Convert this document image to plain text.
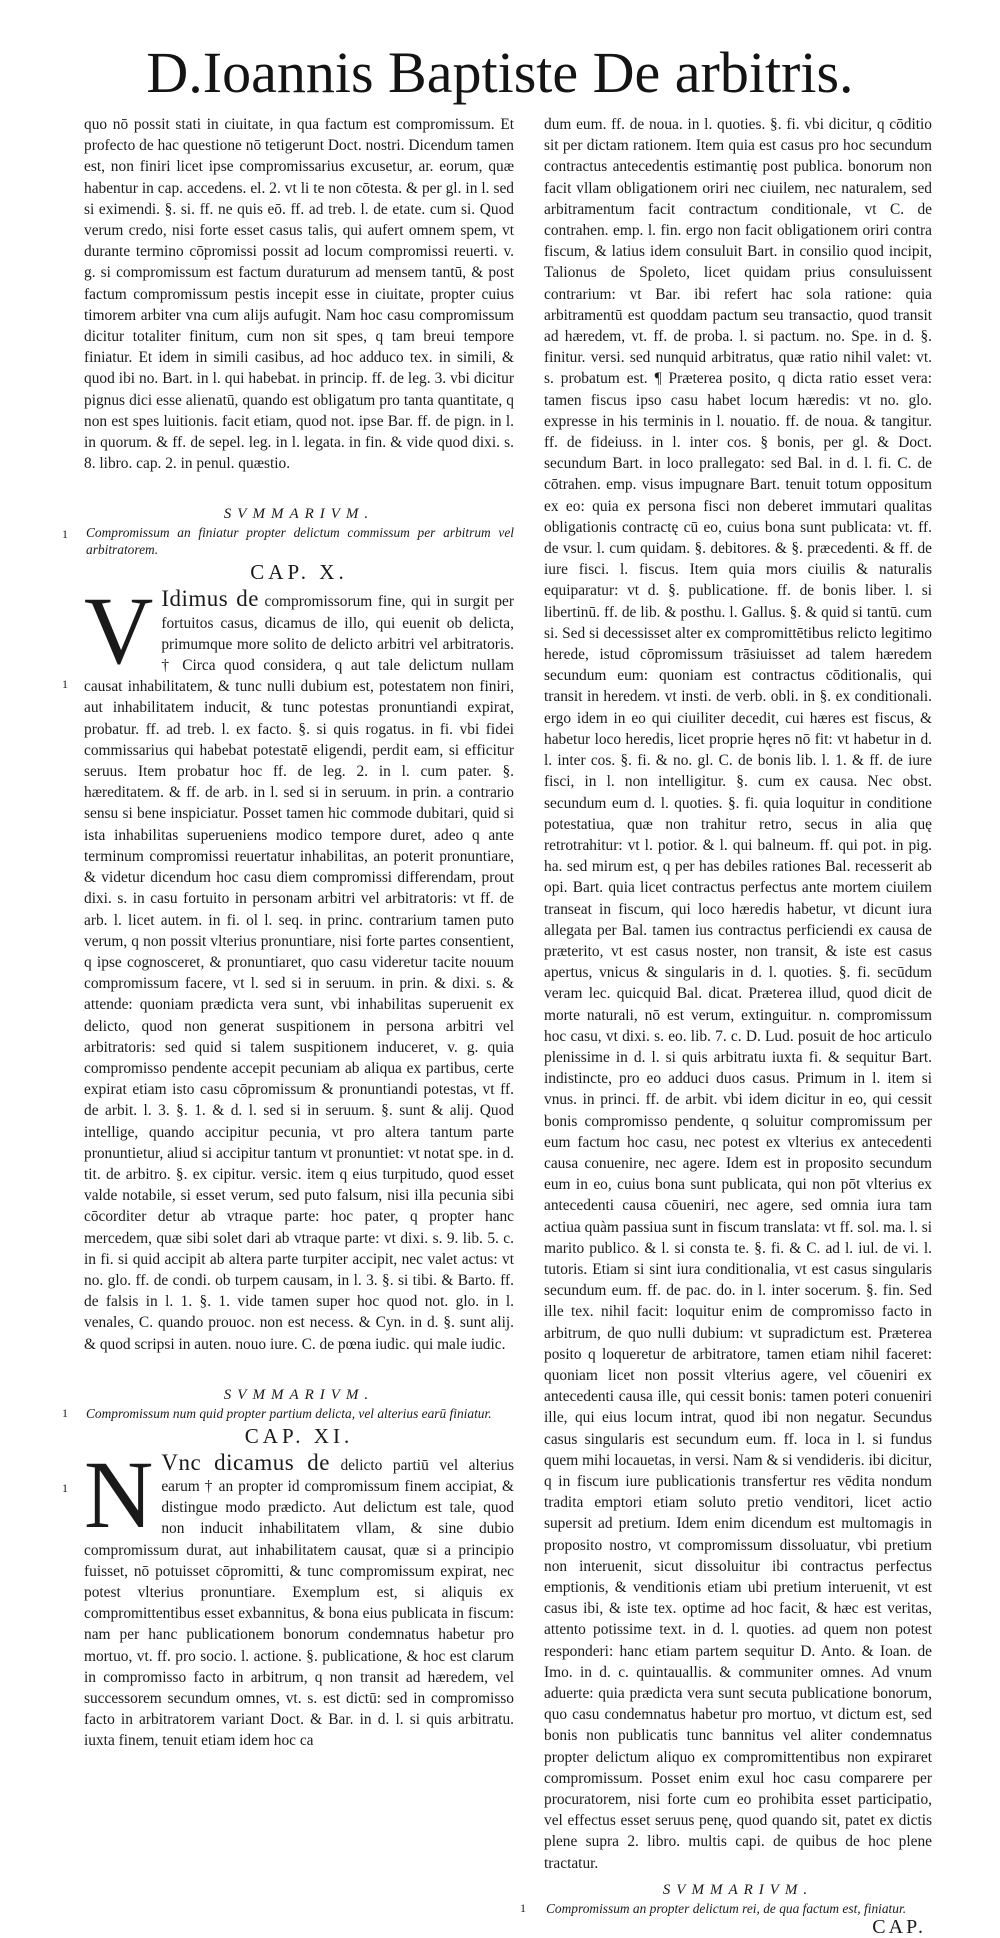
D.Ioannis Baptiste De arbitris.

quo nō possit stati in ciuitate, in qua factum est compromissum. Et profecto de hac questione nō tetigerunt Doct. nostri. Dicendum tamen est, non finiri licet ipse compromissarius excusetur, ar. eorum, quæ habentur in cap. accedens. el. 2. vt li te non cōtesta. & per gl. in l. sed si eximendi. §. si. ff. ne quis eō. ff. ad treb. l. de etate. cum si. Quod verum credo, nisi forte esset casus talis, qui aufert omnem spem, vt durante termino cōpromissi possit ad locum compromissi reuerti. v. g. si compromissum est factum duraturum ad mensem tantū, & post factum compromissum pestis incepit esse in ciuitate, propter cuius timorem arbiter vna cum alijs aufugit. Nam hoc casu compromissum dicitur totaliter finitum, cum non sit spes, q tam breui tempore finiatur. Et idem in simili casibus, ad hoc adduco tex. in simili, & quod ibi no. Bart. in l. qui habebat. in princip. ff. de leg. 3. vbi dicitur pignus dici esse alienatū, quando est obligatum pro tanta quantitate, q non est spes luitionis. facit etiam, quod not. ipse Bar. ff. de pign. in l. in quorum. & ff. de sepel. leg. in l. legata. in fin. & vide quod dixi. s. 8. libro. cap. 2. in penul. quæstio.

SVMMARIVM.
1 Compromissum an finiatur propter delictum commissum per arbitrum vel arbitratorem.
CAP. X.
1 V Idimus de compromissorum fine, qui in surgit per fortuitos casus, dicamus de illo, qui euenit ob delicta, primumque more solito de delicto arbitri vel arbitratoris. † Circa quod considera, q aut tale delictum nullam causat inhabilitatem, & tunc nulli dubium est, potestatem non finiri, aut inhabilitatem inducit, & tunc potestas pronuntiandi expirat, probatur. ff. ad treb. l. ex facto. §. si quis rogatus. in fi. vbi fidei commissarius qui habebat potestatē eligendi, perdit eam, si efficitur seruus. Item probatur hoc ff. de leg. 2. in l. cum pater. §. hæreditatem. & ff. de arb. in l. sed si in seruum. in prin. a contrario sensu si bene inspiciatur. Posset tamen hic commode dubitari, quid si ista inhabilitas superueniens modico tempore duret, adeo q ante terminum compromissi reuertatur inhabilitas, an poterit pronuntiare, & videtur dicendum hoc casu diem compromissi differendam, prout dixi. s. in casu fortuito in personam arbitri vel arbitratoris: vt ff. de arb. l. licet autem. in fi. ol l. seq. in princ. contrarium tamen puto verum, q non possit vlterius pronuntiare, nisi forte partes consentient, q ipse cognosceret, & pronuntiaret, quo casu videretur tacite nouum compromissum facere, vt l. sed si in seruum. in prin. & dixi. s. & attende: quoniam prædicta vera sunt, vbi inhabilitas superuenit ex delicto, quod non generat suspitionem in persona arbitri vel arbitratoris: sed quid si talem suspitionem induceret, v. g. quia compromisso pendente accepit pecuniam ab aliqua ex partibus, certe expirat etiam isto casu cōpromissum & pronuntiandi potestas, vt ff. de arbit. l. 3. §. 1. & d. l. sed si in seruum. §. sunt & alij. Quod intellige, quando accipitur pecunia, vt pro altera tantum parte pronuntietur, aliud si accipitur tantum vt pronuntiet: vt notat spe. in d. tit. de arbitro. §. ex cipitur. versic. item q eius turpitudo, quod esset valde notabile, si esset verum, sed puto falsum, nisi illa pecunia sibi cōcorditer detur ab vtraque parte: hoc pater, q propter hanc mercedem, quæ sibi solet dari ab vtraque parte: vt dixi. s. 9. lib. 5. c. in fi. si quid accipit ab altera parte turpiter accipit, nec valet actus: vt no. glo. ff. de condi. ob turpem causam, in l. 3. §. si tibi. & Barto. ff. de falsis in l. 1. §. 1. vide tamen super hoc quod not. glo. in l. venales, C. quando prouoc. non est necess. & Cyn. in d. §. sunt alij. & quod scripsi in auten. nouo iure. C. de pœna iudic. qui male iudic.
SVMMARIVM.
1 Compromissum num quid propter partium delicta, vel alterius earū finiatur.
CAP. XI.
1 N Vnc dicamus de delicto partiū vel alterius earum † an propter id compromissum finem accipiat, & distingue modo prædicto. Aut delictum est tale, quod non inducit inhabilitatem vllam, & sine dubio compromissum durat, aut inhabilitatem causat, quæ si a principio fuisset, nō potuisset cōpromitti, & tunc compromissum expirat, nec potest vlterius pronuntiare. Exemplum est, si aliquis ex compromittentibus esset exbannitus, & bona eius publicata in fiscum: nam per hanc publicationem bonorum condemnatus habetur pro mortuo, vt. ff. pro socio. l. actione. §. publicatione, & hoc est clarum in compromisso facto in arbitrum, q non transit ad hæredem, vel successorem secundum omnes, vt. s. est dictū: sed in compromisso facto in arbitratorem variant Doct. & Bar. in d. l. si quis arbitratu. iuxta finem, tenuit etiam idem hoc ca

dum eum. ff. de noua. in l. quoties. §. fi. vbi dicitur, q cōditio sit per dictam rationem. Item quia est casus pro hoc secundum contractus antecedentis estimantię post publica. bonorum non facit vllam obligationem oriri nec ciuilem, nec naturalem, sed arbitramentum facit contractum conditionale, vt C. de contrahen. emp. l. fin. ergo non facit obligationem oriri contra fiscum, & latius idem consuluit Bart. in consilio quod incipit, Talionus de Spoleto, licet quidam prius consuluissent contrarium: vt Bar. ibi refert hac sola ratione: quia arbitramentū est quoddam pactum seu transactio, quod transit ad hæredem, vt. ff. de proba. l. si pactum. no. Spe. in d. §. finitur. versi. sed nunquid arbitratus, quæ ratio nihil valet: vt. s. probatum est. ¶ Præterea posito, q dicta ratio esset vera: tamen fiscus ipso casu habet locum hæredis: vt no. glo. expresse in his terminis in l. nouatio. ff. de noua. & tangitur. ff. de fideiuss. in l. inter cos. § bonis, per gl. & Doct. secundum Bart. in loco prallegato: sed Bal. in d. l. fi. C. de cōtrahen. emp. visus impugnare Bart. tenuit totum oppositum ex eo: quia ex persona fisci non deberet immutari qualitas obligationis contractę cū eo, cuius bona sunt publicata: vt. ff. de vsur. l. cum quidam. §. debitores. & §. præcedenti. & ff. de iure fisci. l. fiscus. Item quia mors ciuilis & naturalis equiparatur: vt d. §. publicatione. ff. de bonis liber. l. si libertinū. ff. de lib. & posthu. l. Gallus. §. & quid si tantū. cum si. Sed si decessisset alter ex compromittētibus relicto legitimo herede, istud cōpromissum trāsiuisset ad talem hæredem secundum eum: quoniam est contractus cōditionalis, qui transit in heredem. vt insti. de verb. obli. in §. ex conditionali. ergo idem in eo qui ciuiliter decedit, cui hæres est fiscus, & habetur loco heredis, licet proprie hęres nō fit: vt habetur in d. l. inter cos. §. fi. & no. gl. C. de bonis lib. l. 1. & ff. de iure fisci, in l. non intelligitur. §. cum ex causa. Nec obst. secundum eum d. l. quoties. §. fi. quia loquitur in conditione potestatiua, quæ non trahitur retro, secus in alia quę retrotrahitur: vt l. potior. & l. qui balneum. ff. qui pot. in pig. ha. sed mirum est, q per has debiles rationes Bal. recesserit ab opi. Bart. quia licet contractus perfectus ante mortem ciuilem transeat in fiscum, qui loco hæredis habetur, vt dicunt iura allegata per Bal. tamen ius contractus perficiendi ex causa de præterito, vt est casus noster, non transit, & iste est casus apertus, vnicus & singularis in d. l. quoties. §. fi. secūdum veram lec. quicquid Bal. dicat. Præterea illud, quod dicit de morte naturali, nō est verum, extinguitur. n. compromissum hoc casu, vt dixi. s. eo. lib. 7. c. D. Lud. posuit de hoc articulo plenissime in d. l. si quis arbitratu iuxta fi. & sequitur Bart. indistincte, pro eo adduci duos casus. Primum in l. item si vnus. in princi. ff. de arbit. vbi idem dicitur in eo, qui cessit bonis compromisso pendente, q soluitur compromissum per eum factum hoc casu, nec potest ex vlterius ex antecedenti causa conuenire, nec agere. Idem est in proposito secundum eum in eo, cuius bona sunt publicata, qui non pōt vlterius ex antecedenti causa cōueniri, nec agere, sed omnia iura tam actiua quàm passiua sunt in fiscum translata: vt ff. sol. ma. l. si marito publico. & l. si consta te. §. fi. & C. ad l. iul. de vi. l. tutoris. Etiam si sint iura conditionalia, vt est casus singularis secundum eum. ff. de pac. do. in l. inter socerum. §. fin. Sed ille tex. nihil facit: loquitur enim de compromisso facto in arbitrum, de quo nulli dubium: vt supradictum est. Præterea posito q loqueretur de arbitratore, tamen etiam nihil faceret: quoniam licet non possit vlterius agere, vel cōueniri ex antecedenti causa ille, qui cessit bonis: tamen poteri conueniri ille, qui eius locum intrat, quod ibi non negatur. Secundus casus singularis est secundum eum. ff. loca in l. si fundus quem mihi locauetas, in versi. Nam & si vendideris. ibi dicitur, q in fiscum iure publicationis transfertur res vēdita nondum tradita emptori etiam soluto pretio venditori, licet actio supersit ad pretium. Idem enim dicendum est multomagis in proposito nostro, vt compromissum dissoluatur, vbi pretium non interuenit, sicut dissoluitur ibi contractus perfectus emptionis, & venditionis etiam ubi pretium interuenit, vt est casus ibi, & iste tex. optime ad hoc facit, & hæc est veritas, attento potissime text. in d. l. quoties. ad quem non potest responderi: hanc etiam partem sequitur D. Anto. & Ioan. de Imo. in d. c. quintauallis. & communiter omnes. Ad vnum aduerte: quia prædicta vera sunt secuta publicatione bonorum, quo casu condemnatus habetur pro mortuo, vt dictum est, sed bonis non publicatis tunc bannitus vel aliter condemnatus propter delictum aliquo ex compromittentibus non expiraret compromissum. Posset enim exul hoc casu comparere per procuratorem, nisi forte cum eo prohibita esset participatio, vel effectus esset seruus penę, quod quando sit, patet ex dictis plene supra 2. libro. multis capi. de quibus de hoc plene tractatur.

SVMMARIVM.
1 Compromissum an propter delictum rei, de qua factum est, finiatur.
CAP.
